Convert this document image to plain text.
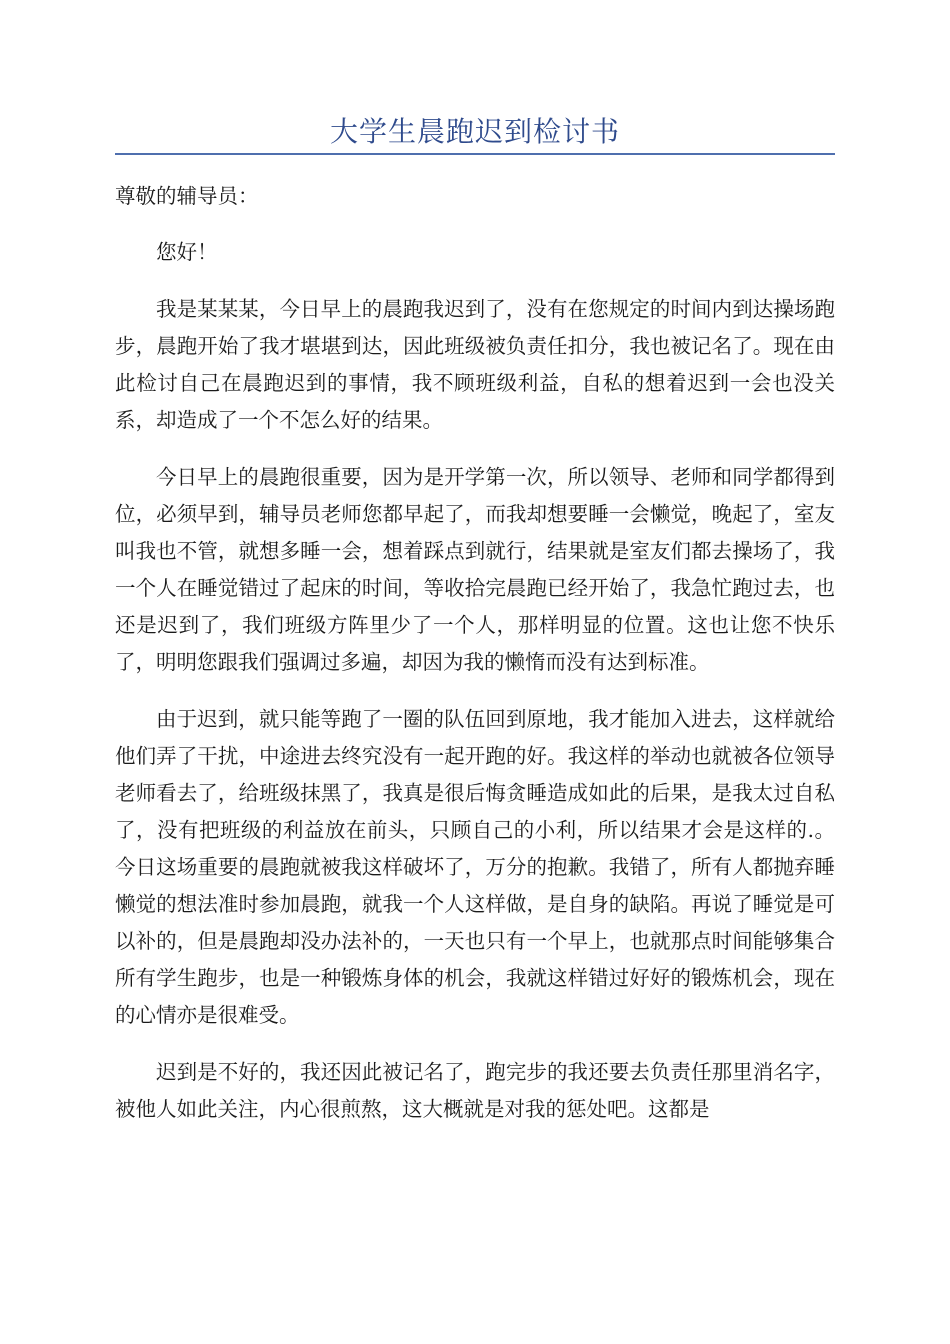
大学生晨跑迟到检讨书

尊敬的辅导员：

您好！

我是某某某，今日早上的晨跑我迟到了，没有在您规定的时间内到达操场跑步，晨跑开始了我才堪堪到达，因此班级被负责任扣分，我也被记名了。现在由此检讨自己在晨跑迟到的事情，我不顾班级利益，自私的想着迟到一会也没关系，却造成了一个不怎么好的结果。

今日早上的晨跑很重要，因为是开学第一次，所以领导、老师和同学都得到位，必须早到，辅导员老师您都早起了，而我却想要睡一会懒觉，晚起了，室友叫我也不管，就想多睡一会，想着踩点到就行，结果就是室友们都去操场了，我一个人在睡觉错过了起床的时间，等收拾完晨跑已经开始了，我急忙跑过去，也还是迟到了，我们班级方阵里少了一个人，那样明显的位置。这也让您不快乐了，明明您跟我们强调过多遍，却因为我的懒惰而没有达到标准。

由于迟到，就只能等跑了一圈的队伍回到原地，我才能加入进去，这样就给他们弄了干扰，中途进去终究没有一起开跑的好。我这样的举动也就被各位领导老师看去了，给班级抹黑了，我真是很后悔贪睡造成如此的后果，是我太过自私了，没有把班级的利益放在前头，只顾自己的小利，所以结果才会是这样的.。今日这场重要的晨跑就被我这样破坏了，万分的抱歉。我错了，所有人都抛弃睡懒觉的想法准时参加晨跑，就我一个人这样做，是自身的缺陷。再说了睡觉是可以补的，但是晨跑却没办法补的，一天也只有一个早上，也就那点时间能够集合所有学生跑步，也是一种锻炼身体的机会，我就这样错过好好的锻炼机会，现在的心情亦是很难受。

迟到是不好的，我还因此被记名了，跑完步的我还要去负责任那里消名字，被他人如此关注，内心很煎熬，这大概就是对我的惩处吧。这都是
